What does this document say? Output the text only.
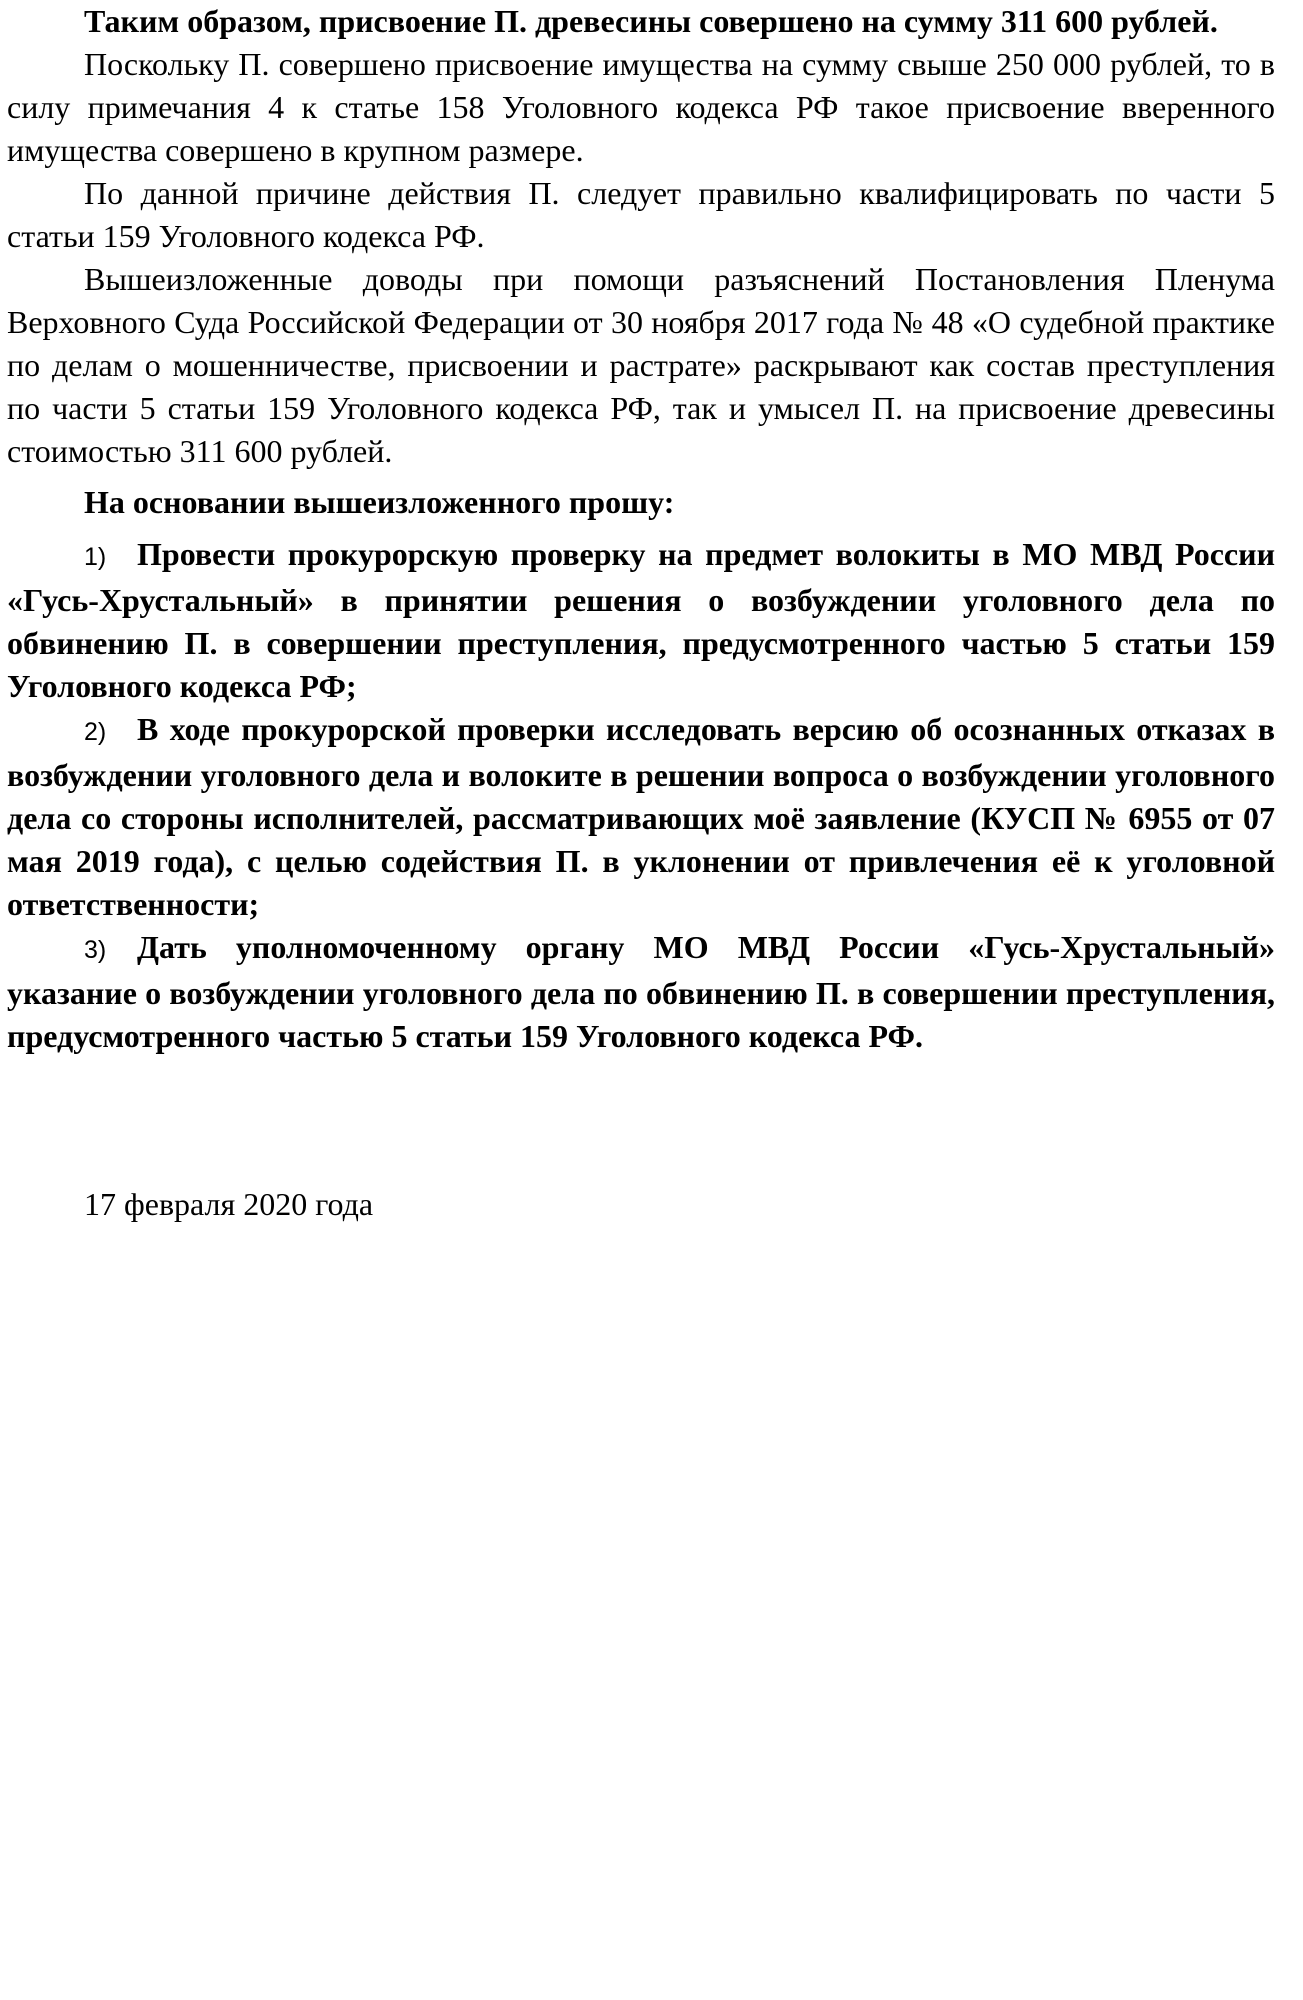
Таким образом, присвоение П. древесины совершено на сумму 311 600 рублей.

Поскольку П. совершено присвоение имущества на сумму свыше 250 000 рублей, то в силу примечания 4 к статье 158 Уголовного кодекса РФ такое присвоение вверенного имущества совершено в крупном размере.

По данной причине действия П. следует правильно квалифицировать по части 5 статьи 159 Уголовного кодекса РФ.

Вышеизложенные доводы при помощи разъяснений Постановления Пленума Верховного Суда Российской Федерации от 30 ноября 2017 года № 48 «О судебной практике по делам о мошенничестве, присвоении и растрате» раскрывают как состав преступления по части 5 статьи 159 Уголовного кодекса РФ, так и умысел П. на присвоение древесины стоимостью 311 600 рублей.

На основании вышеизложенного прошу:

1) Провести прокурорскую проверку на предмет волокиты в МО МВД России «Гусь-Хрустальный» в принятии решения о возбуждении уголовного дела по обвинению П. в совершении преступления, предусмотренного частью 5 статьи 159 Уголовного кодекса РФ;

2) В ходе прокурорской проверки исследовать версию об осознанных отказах в возбуждении уголовного дела и волоките в решении вопроса о возбуждении уголовного дела со стороны исполнителей, рассматривающих моё заявление (КУСП № 6955 от 07 мая 2019 года), с целью содействия П. в уклонении от привлечения её к уголовной ответственности;

3) Дать уполномоченному органу МО МВД России «Гусь-Хрустальный» указание о возбуждении уголовного дела по обвинению П. в совершении преступления, предусмотренного частью 5 статьи 159 Уголовного кодекса РФ.

17 февраля 2020 года
